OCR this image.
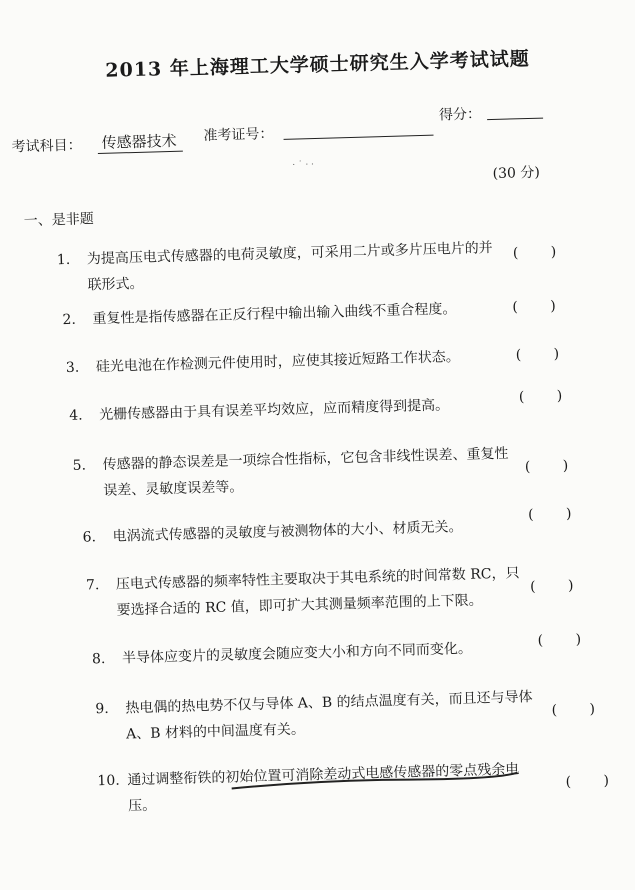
2013 年上海理工大学硕士研究生入学考试试题
考试科目： 传感器技术	准考证号：
得分：
· ˙ · ·	(30 分)
一、是非题
1. 为提高压电式传感器的电荷灵敏度，可采用二片或多片压电片的并
联形式。
( )
2. 重复性是指传感器在正反行程中输出输入曲线不重合程度。	( )
3. 硅光电池在作检测元件使用时，应使其接近短路工作状态。	( )
4. 光栅传感器由于具有误差平均效应，应而精度得到提高。
( )
5. 传感器的静态误差是一项综合性指标，它包含非线性误差、重复性
误差、灵敏度误差等。
( )
6. 电涡流式传感器的灵敏度与被测物体的大小、材质无关。
( )
7. 压电式传感器的频率特性主要取决于其电系统的时间常数 RC，只
要选择合适的 RC 值，即可扩大其测量频率范围的上下限。
( )
8. 半导体应变片的灵敏度会随应变大小和方向不同而变化。
( )
9. 热电偶的热电势不仅与导体 A、B 的结点温度有关，而且还与导体
A、B 材料的中间温度有关。
( )
10. 通过调整衔铁的初始位置可消除差动式电感传感器的零点残余电
压。
( )
